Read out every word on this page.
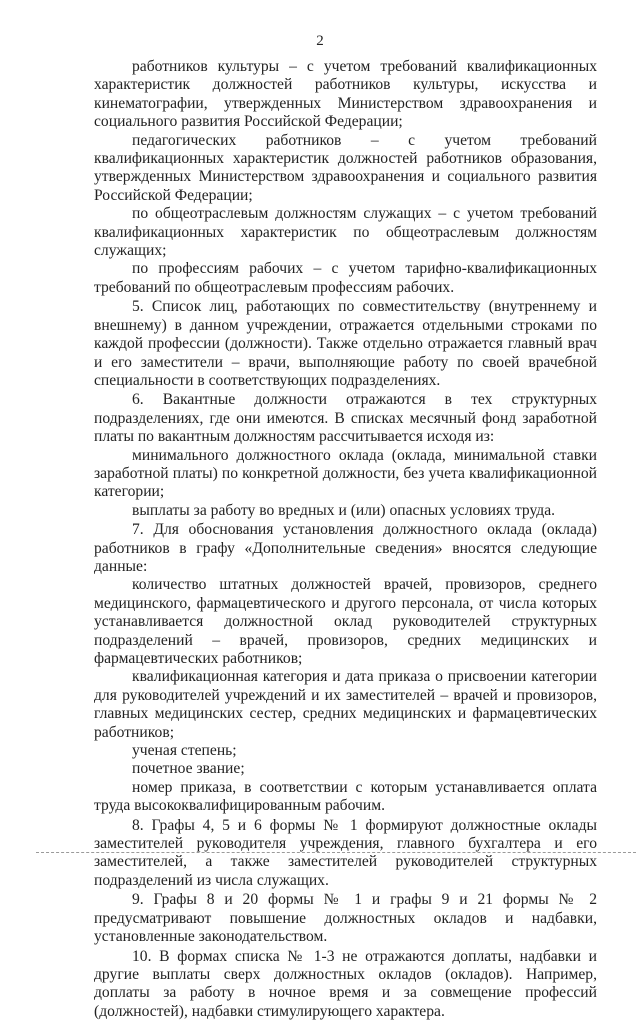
2

работников культуры – с учетом требований квалификационных характеристик должностей работников культуры, искусства и кинематографии, утвержденных Министерством здравоохранения и социального развития Российской Федерации;

педагогических работников – с учетом требований квалификационных характеристик должностей работников образования, утвержденных Министерством здравоохранения и социального развития Российской Федерации;

по общеотраслевым должностям служащих – с учетом требований квалификационных характеристик по общеотраслевым должностям служащих;

по профессиям рабочих – с учетом тарифно-квалификационных требований по общеотраслевым профессиям рабочих.

5. Список лиц, работающих по совместительству (внутреннему и внешнему) в данном учреждении, отражается отдельными строками по каждой профессии (должности). Также отдельно отражается главный врач и его заместители – врачи, выполняющие работу по своей врачебной специальности в соответствующих подразделениях.

6. Вакантные должности отражаются в тех структурных подразделениях, где они имеются. В списках месячный фонд заработной платы по вакантным должностям рассчитывается исходя из:

минимального должностного оклада (оклада, минимальной ставки заработной платы) по конкретной должности, без учета квалификационной категории;

выплаты за работу во вредных и (или) опасных условиях труда.

7. Для обоснования установления должностного оклада (оклада) работников в графу «Дополнительные сведения» вносятся следующие данные:

количество штатных должностей врачей, провизоров, среднего медицинского, фармацевтического и другого персонала, от числа которых устанавливается должностной оклад руководителей структурных подразделений – врачей, провизоров, средних медицинских и фармацевтических работников;

квалификационная категория и дата приказа о присвоении категории для руководителей учреждений и их заместителей – врачей и провизоров, главных медицинских сестер, средних медицинских и фармацевтических работников;

ученая степень;

почетное звание;

номер приказа, в соответствии с которым устанавливается оплата труда высококвалифицированным рабочим.

8. Графы 4, 5 и 6 формы № 1 формируют должностные оклады заместителей руководителя учреждения, главного бухгалтера и его заместителей, а также заместителей руководителей структурных подразделений из числа служащих.

9. Графы 8 и 20 формы № 1 и графы 9 и 21 формы № 2 предусматривают повышение должностных окладов и надбавки, установленные законодательством.

10. В формах списка № 1-3 не отражаются доплаты, надбавки и другие выплаты сверх должностных окладов (окладов). Например, доплаты за работу в ночное время и за совмещение профессий (должностей), надбавки стимулирующего характера.
